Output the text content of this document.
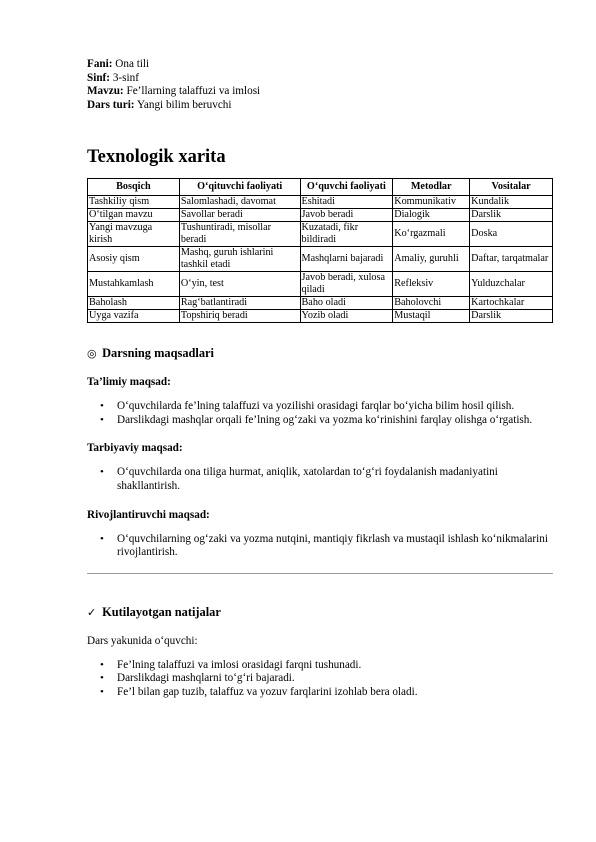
Fani: Ona tili
Sinf: 3-sinf
Mavzu: Fe’llarning talaffuzi va imlosi
Dars turi: Yangi bilim beruvchi
Texnologik xarita
Bosqich	O‘qituvchi faoliyati	O‘quvchi faoliyati	Metodlar	Vositalar
Tashkiliy qism	Salomlashadi, davomat	Eshitadi	Kommunikativ	Kundalik
O‘tilgan mavzu	Savollar beradi	Javob beradi	Dialogik	Darslik
Yangi mavzuga kirish	Tushuntiradi, misollar beradi	Kuzatadi, fikr bildiradi	Ko‘rgazmali	Doska
Asosiy qism	Mashq, guruh ishlarini tashkil etadi	Mashqlarni bajaradi	Amaliy, guruhli	Daftar, tarqatmalar
Mustahkamlash	O‘yin, test	Javob beradi, xulosa qiladi	Refleksiv	Yulduzchalar
Baholash	Rag‘batlantiradi	Baho oladi	Baholovchi	Kartochkalar
Uyga vazifa	Topshiriq beradi	Yozib oladi	Mustaqil	Darslik
◎ Darsning maqsadlari
Ta’limiy maqsad:
• O‘quvchilarda fe’lning talaffuzi va yozilishi orasidagi farqlar bo‘yicha bilim hosil qilish.
• Darslikdagi mashqlar orqali fe’lning og‘zaki va yozma ko‘rinishini farqlay olishga o‘rgatish.
Tarbiyaviy maqsad:
• O‘quvchilarda ona tiliga hurmat, aniqlik, xatolardan to‘g‘ri foydalanish madaniyatini shakllantirish.
Rivojlantiruvchi maqsad:
• O‘quvchilarning og‘zaki va yozma nutqini, mantiqiy fikrlash va mustaqil ishlash ko‘nikmalarini rivojlantirish.
✓ Kutilayotgan natijalar
Dars yakunida o‘quvchi:
• Fe’lning talaffuzi va imlosi orasidagi farqni tushunadi.
• Darslikdagi mashqlarni to‘g‘ri bajaradi.
• Fe’l bilan gap tuzib, talaffuz va yozuv farqlarini izohlab bera oladi.
